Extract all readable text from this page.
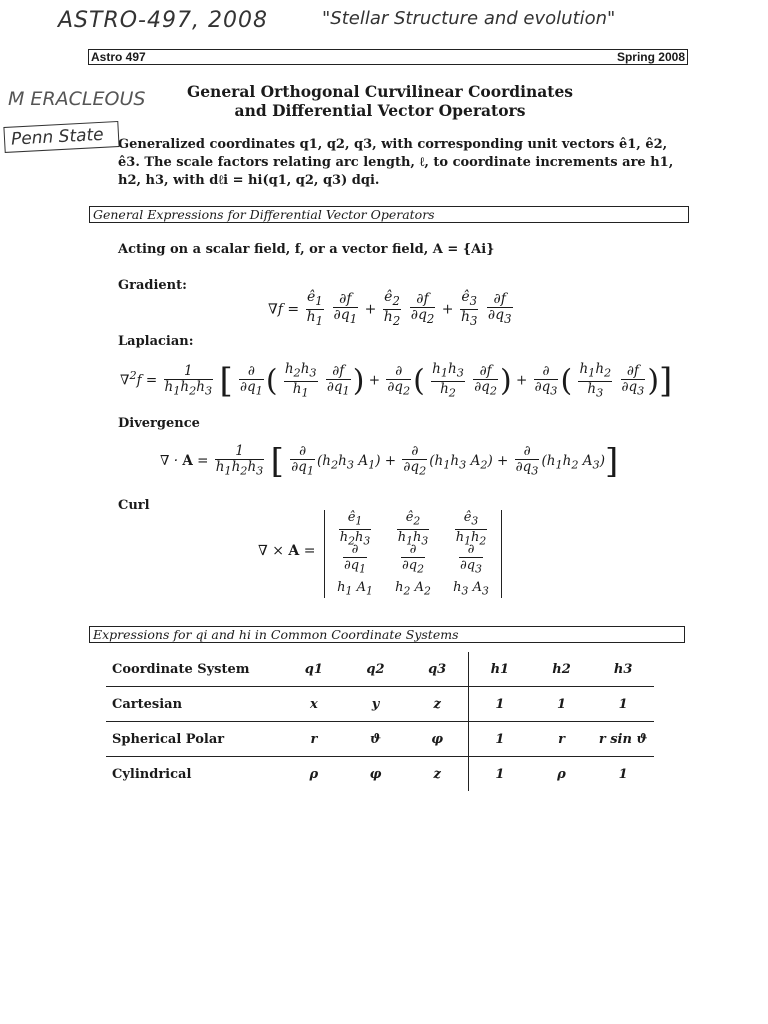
ASTRO-497, 2008	"Stellar Structure and evolution"
M ERACLEOUS
Penn State
Astro 497	Spring 2008
General Orthogonal Curvilinear Coordinates
and Differential Vector Operators
Generalized coordinates q1, q2, q3, with corresponding unit vectors ê1, ê2, ê3. The scale factors relating arc length, ℓ, to coordinate increments are h1, h2, h3, with dℓi = hi(q1, q2, q3) dqi.
General Expressions for Differential Vector Operators
Acting on a scalar field, f, or a vector field, A = {Ai}
Gradient:
$\nabla f = \frac{ê_1}{h_1}$
$\frac{\partial f}{\partial q_1} + \frac{ê_2}{h_2}$
$\frac{\partial f}{\partial q_2} + \frac{ê_3}{h_3}$
$\frac{\partial f}{\partial q_3}$
Laplacian:
$\nabla^2f = \frac{1}{h_1h_2h_3}$ [ $\frac{\partial}{\partial q_1}$ ( $\frac{h_2h_3}{h_1}$
$\frac{\partial f}{\partial q_1}$ ) + $\frac{\partial}{\partial q_2}$ ( $\frac{h_1h_3}{h_2}$
$\frac{\partial f}{\partial q_2}$ ) + $\frac{\partial}{\partial q_3}$ ( $\frac{h_1h_2}{h_3}$
$\frac{\partial f}{\partial q_3}$ )]
Divergence
∇ · $A = \frac{1}{h_1h_2h_3}$ [ $\frac{\partial}{\partial q_1} (h_2h_3$ $A_1) + \frac{\partial}{\partial q_2} (h_1h_3$ $A_2) + \frac{\partial}{\partial q_3} (h_1h_2$ $A_3$)]
Curl
∇ × A =
$\frac{ê_1}{h_2h_3} \frac{ê_2}{h_1h_3} \frac{ê_3}{h_1h_2}$
$\frac{\partial}{\partial q_1}$	$\frac{\partial}{\partial q_2}$	$\frac{\partial}{\partial q_3}$
$h_1$ $A_1$	$h_2$ $A_2$	$h_3$ $A_3$
Expressions for qi and hi in Common Coordinate Systems
Coordinate System	q1	q2	q3	h1	h2	h3
Cartesian	x	y	z	1	1	1
Spherical Polar	r	ϑ	φ	1	r	r sin ϑ
Cylindrical	ρ	φ	z	1	ρ	1
